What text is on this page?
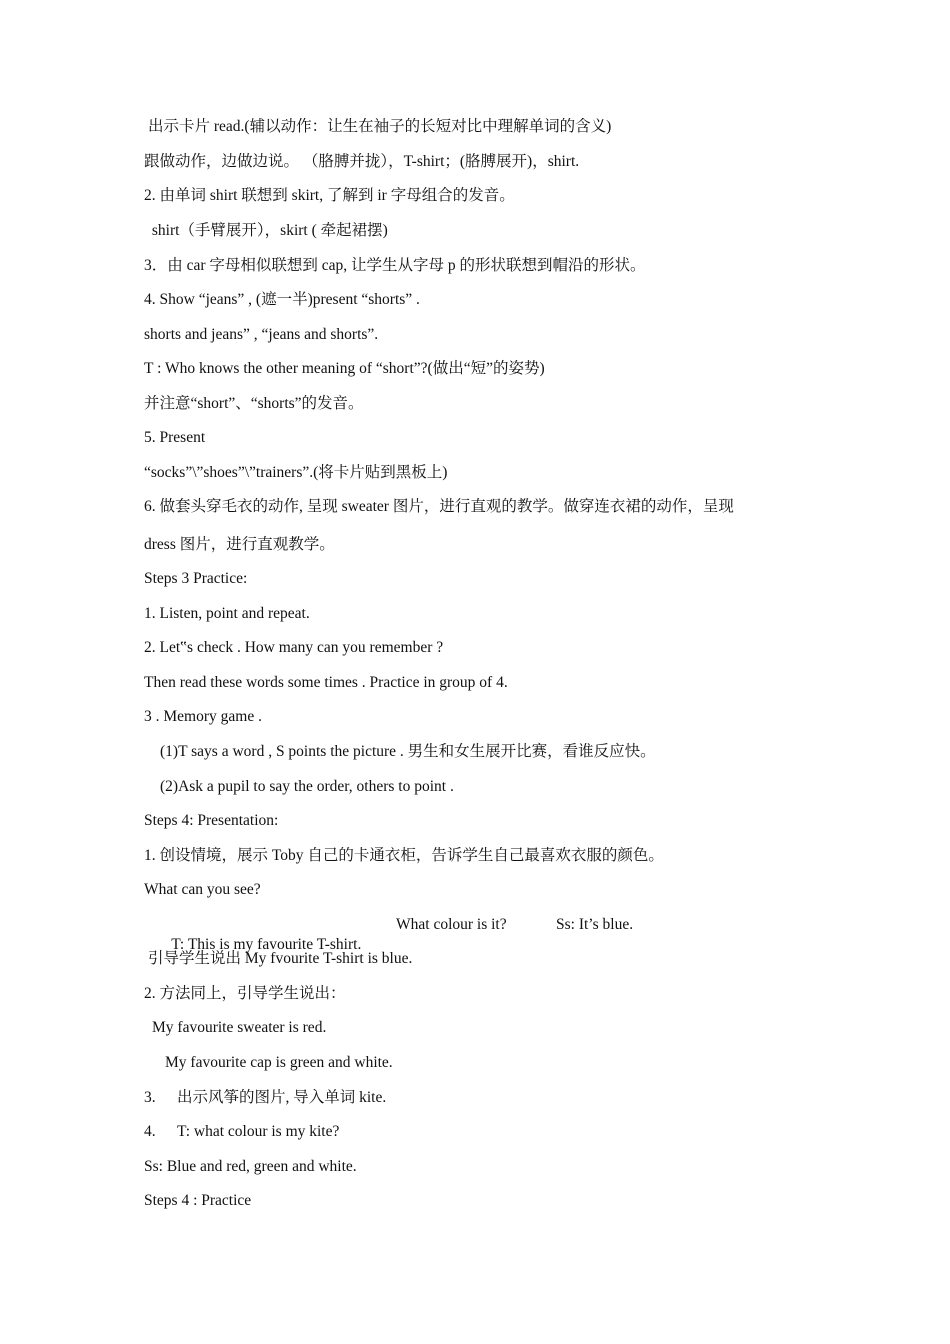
出示卡片 read.(辅以动作：让生在袖子的长短对比中理解单词的含义)
跟做动作，边做边说。 （胳膊并拢），T-shirt；(胳膊展开)，shirt.
2. 由单词 shirt 联想到 skirt, 了解到 ir 字母组合的发音。
shirt（手臂展开），skirt ( 牵起裙摆)
3．由 car 字母相似联想到 cap, 让学生从字母 p 的形状联想到帽沿的形状。
4. Show “jeans” , (遮一半)present “shorts” .
shorts and jeans” , “jeans and shorts”.
T : Who knows the other meaning of “short”?(做出“短”的姿势)
并注意“short”、“shorts”的发音。
5. Present
“socks”\”shoes”\”trainers”.(将卡片贴到黑板上)
6. 做套头穿毛衣的动作, 呈现 sweater 图片，进行直观的教学。做穿连衣裙的动作，呈现
dress 图片，进行直观教学。
Steps 3 Practice:
1. Listen, point and repeat.
2. Let‟s check . How many can you remember ?
Then read these words some times . Practice in group of 4.
3 . Memory game .
(1)T says a word , S points the picture . 男生和女生展开比赛，看谁反应快。
(2)Ask a pupil to say the order, others to point .
Steps 4: Presentation:
1. 创设情境，展示 Toby 自己的卡通衣柜，告诉学生自己最喜欢衣服的颜色。
What can you see?

T: This is my favourite T-shirt.

What colour is it?	Ss: It’s blue.
引导学生说出 My fvourite T-shirt is blue.
2. 方法同上，引导学生说出：
My favourite sweater is red.
My favourite cap is green and white.
3. 出示风筝的图片, 导入单词 kite.
4. T: what colour is my kite?
Ss: Blue and red, green and white.
Steps 4 : Practice
